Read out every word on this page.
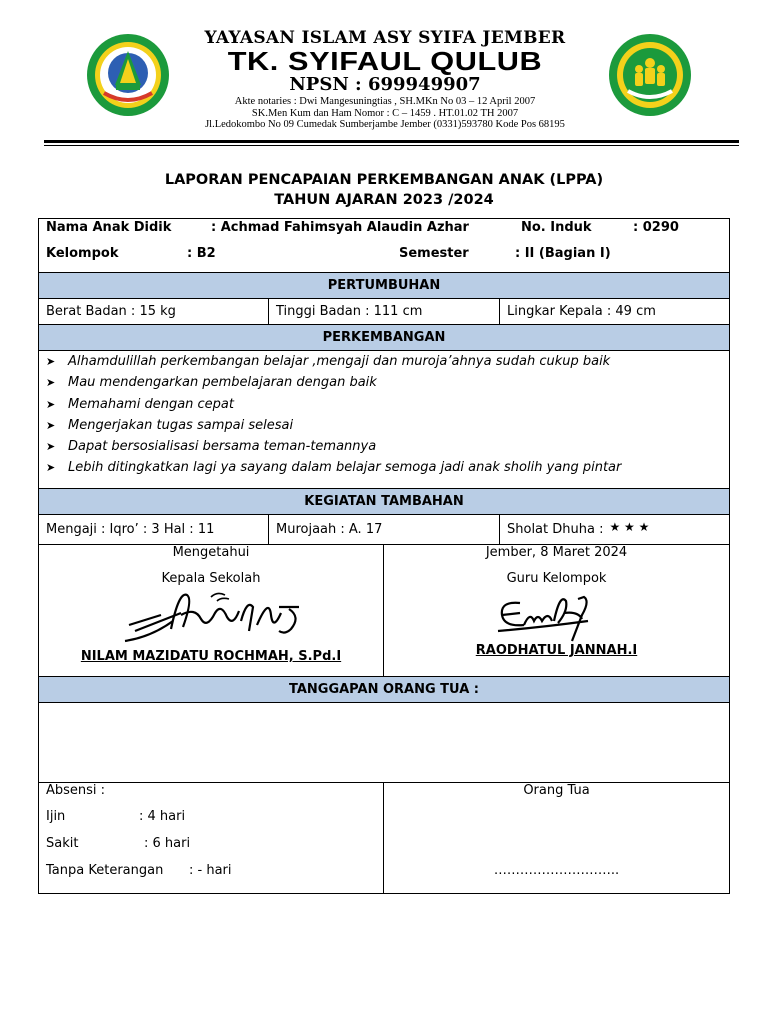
YAYASAN ISLAM ASY SYIFA JEMBER
TK. SYIFAUL QULUB
NPSN : 699949907
Akte notaries : Dwi Mangesuningtias , SH.MKn No 03 – 12 April 2007
SK.Men Kum dan Ham Nomor : C – 1459 . HT.01.02 TH 2007
Jl.Ledokombo No 09 Cumedak Sumberjambe Jember (0331)593780 Kode Pos 68195
LAPORAN PENCAPAIAN PERKEMBANGAN ANAK (LPPA)
TAHUN AJARAN 2023 /2024
Nama Anak Didik	: Achmad Fahimsyah Alaudin Azhar	No. Induk	: 0290
Kelompok	: B2	Semester	: II (Bagian I)
PERTUMBUHAN
Berat Badan : 15 kg	Tinggi Badan : 111 cm	Lingkar Kepala : 49 cm
PERKEMBANGAN
➤ Alhamdulillah perkembangan belajar ,mengaji dan muroja’ahnya sudah cukup baik
➤ Mau mendengarkan pembelajaran dengan baik
➤ Memahami dengan cepat
➤ Mengerjakan tugas sampai selesai
➤ Dapat bersosialisasi bersama teman-temannya
➤ Lebih ditingkatkan lagi ya sayang dalam belajar semoga jadi anak sholih yang pintar
KEGIATAN TAMBAHAN
Mengaji : Iqro’ : 3 Hal : 11	Murojaah : A. 17	Sholat Dhuha : ★ ★ ★
Mengetahui
Kepala Sekolah
NILAM MAZIDATU ROCHMAH, S.Pd.I
Jember, 8 Maret 2024
Guru Kelompok
RAODHATUL JANNAH.I
TANGGAPAN ORANG TUA :
Absensi :
Ijin	: 4 hari
Sakit	: 6 hari
Tanpa Keterangan : - hari
Orang Tua
………………………..
